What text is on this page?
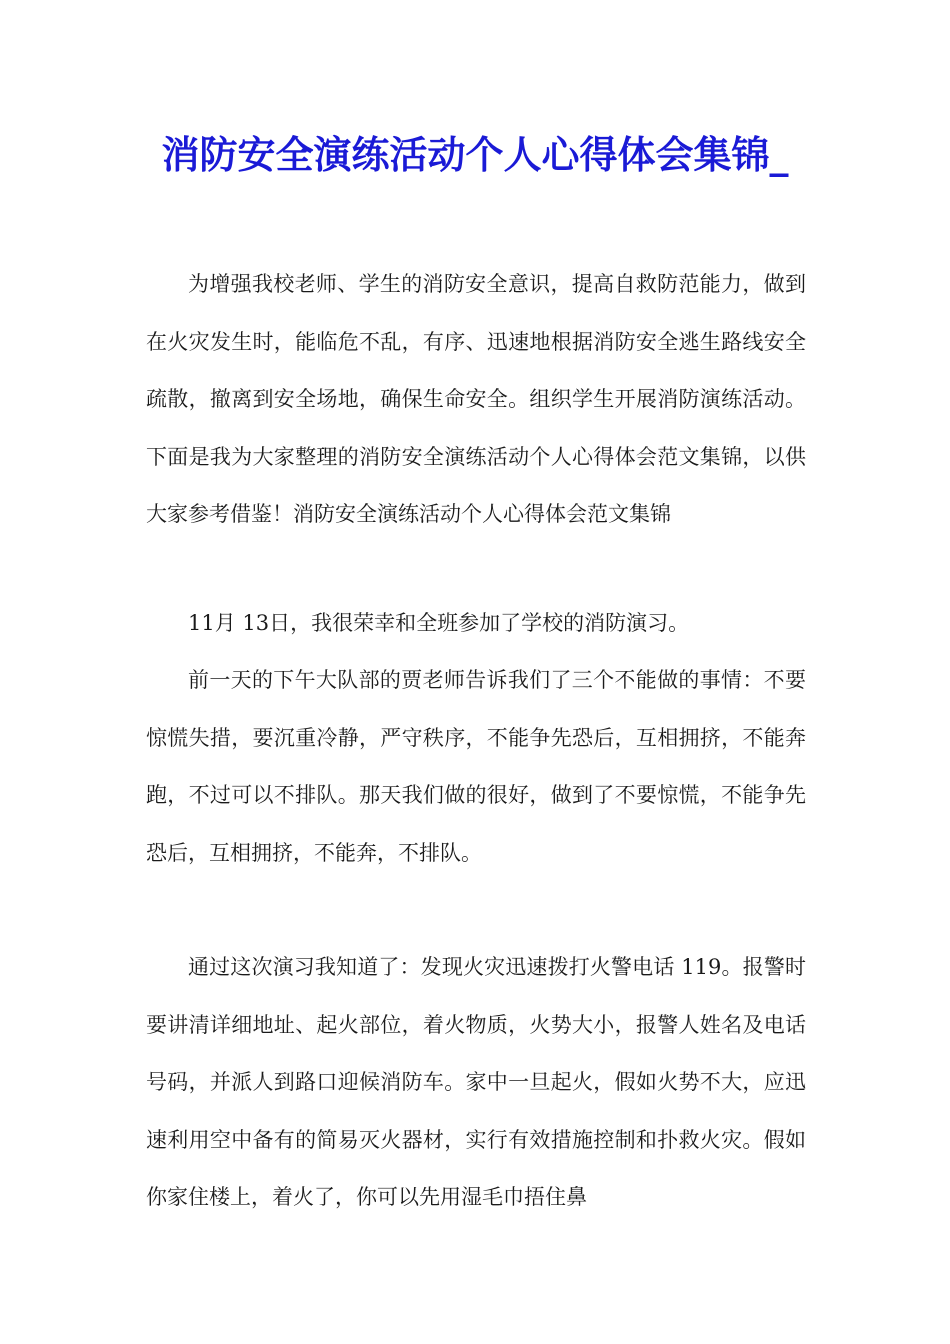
消防安全演练活动个人心得体会集锦_

为增强我校老师、学生的消防安全意识，提高自救防范能力，做到在火灾发生时，能临危不乱，有序、迅速地根据消防安全逃生路线安全疏散，撤离到安全场地，确保生命安全。组织学生开展消防演练活动。下面是我为大家整理的消防安全演练活动个人心得体会范文集锦，以供大家参考借鉴！消防安全演练活动个人心得体会范文集锦

11月 13日，我很荣幸和全班参加了学校的消防演习。

前一天的下午大队部的贾老师告诉我们了三个不能做的事情：不要惊慌失措，要沉重冷静，严守秩序，不能争先恐后，互相拥挤，不能奔跑，不过可以不排队。那天我们做的很好，做到了不要惊慌，不能争先恐后，互相拥挤，不能奔，不排队。

通过这次演习我知道了：发现火灾迅速拨打火警电话 119。报警时要讲清详细地址、起火部位，着火物质，火势大小，报警人姓名及电话号码，并派人到路口迎候消防车。家中一旦起火，假如火势不大，应迅速利用空中备有的简易灭火器材，实行有效措施控制和扑救火灾。假如你家住楼上，着火了，你可以先用湿毛巾捂住鼻
